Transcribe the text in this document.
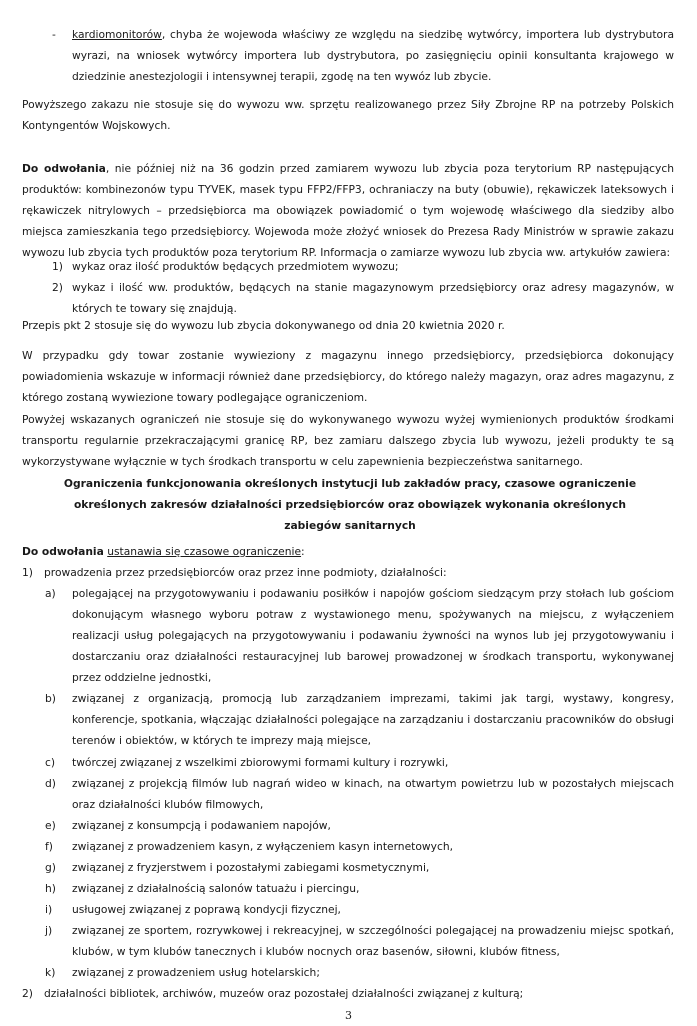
- kardiomonitorów, chyba że wojewoda właściwy ze względu na siedzibę wytwórcy, importera lub dystrybutora wyrazi, na wniosek wytwórcy importera lub dystrybutora, po zasięgnięciu opinii konsultanta krajowego w dziedzinie anestezjologii i intensywnej terapii, zgodę na ten wywóz lub zbycie.
Powyższego zakazu nie stosuje się do wywozu ww. sprzętu realizowanego przez Siły Zbrojne RP na potrzeby Polskich Kontyngentów Wojskowych.
Do odwołania, nie później niż na 36 godzin przed zamiarem wywozu lub zbycia poza terytorium RP następujących produktów: kombinezonów typu TYVEK, masek typu FFP2/FFP3, ochraniaczy na buty (obuwie), rękawiczek lateksowych i rękawiczek nitrylowych – przedsiębiorca ma obowiązek powiadomić o tym wojewodę właściwego dla siedziby albo miejsca zamieszkania tego przedsiębiorcy. Wojewoda może złożyć wniosek do Prezesa Rady Ministrów w sprawie zakazu wywozu lub zbycia tych produktów poza terytorium RP. Informacja o zamiarze wywozu lub zbycia ww. artykułów zawiera:
1) wykaz oraz ilość produktów będących przedmiotem wywozu;
2) wykaz i ilość ww. produktów, będących na stanie magazynowym przedsiębiorcy oraz adresy magazynów, w których te towary się znajdują.
Przepis pkt 2 stosuje się do wywozu lub zbycia dokonywanego od dnia 20 kwietnia 2020 r.
W przypadku gdy towar zostanie wywieziony z magazynu innego przedsiębiorcy, przedsiębiorca dokonujący powiadomienia wskazuje w informacji również dane przedsiębiorcy, do którego należy magazyn, oraz adres magazynu, z którego zostaną wywiezione towary podlegające ograniczeniom.
Powyżej wskazanych ograniczeń nie stosuje się do wykonywanego wywozu wyżej wymienionych produktów środkami transportu regularnie przekraczającymi granicę RP, bez zamiaru dalszego zbycia lub wywozu, jeżeli produkty te są wykorzystywane wyłącznie w tych środkach transportu w celu zapewnienia bezpieczeństwa sanitarnego.
Ograniczenia funkcjonowania określonych instytucji lub zakładów pracy, czasowe ograniczenie określonych zakresów działalności przedsiębiorców oraz obowiązek wykonania określonych zabiegów sanitarnych
Do odwołania ustanawia się czasowe ograniczenie:
1) prowadzenia przez przedsiębiorców oraz przez inne podmioty, działalności:
a) polegającej na przygotowywaniu i podawaniu posiłków i napojów gościom siedzącym przy stołach lub gościom dokonującym własnego wyboru potraw z wystawionego menu, spożywanych na miejscu, z wyłączeniem realizacji usług polegających na przygotowywaniu i podawaniu żywności na wynos lub jej przygotowywaniu i dostarczaniu oraz działalności restauracyjnej lub barowej prowadzonej w środkach transportu, wykonywanej przez oddzielne jednostki,
b) związanej z organizacją, promocją lub zarządzaniem imprezami, takimi jak targi, wystawy, kongresy, konferencje, spotkania, włączając działalności polegające na zarządzaniu i dostarczaniu pracowników do obsługi terenów i obiektów, w których te imprezy mają miejsce,
c) twórczej związanej z wszelkimi zbiorowymi formami kultury i rozrywki,
d) związanej z projekcją filmów lub nagrań wideo w kinach, na otwartym powietrzu lub w pozostałych miejscach oraz działalności klubów filmowych,
e) związanej z konsumpcją i podawaniem napojów,
f) związanej z prowadzeniem kasyn, z wyłączeniem kasyn internetowych,
g) związanej z fryzjerstwem i pozostałymi zabiegami kosmetycznymi,
h) związanej z działalnością salonów tatuażu i piercingu,
i) usługowej związanej z poprawą kondycji fizycznej,
j) związanej ze sportem, rozrywkowej i rekreacyjnej, w szczególności polegającej na prowadzeniu miejsc spotkań, klubów, w tym klubów tanecznych i klubów nocnych oraz basenów, siłowni, klubów fitness,
k) związanej z prowadzeniem usług hotelarskich;
2) działalności bibliotek, archiwów, muzeów oraz pozostałej działalności związanej z kulturą;
3
